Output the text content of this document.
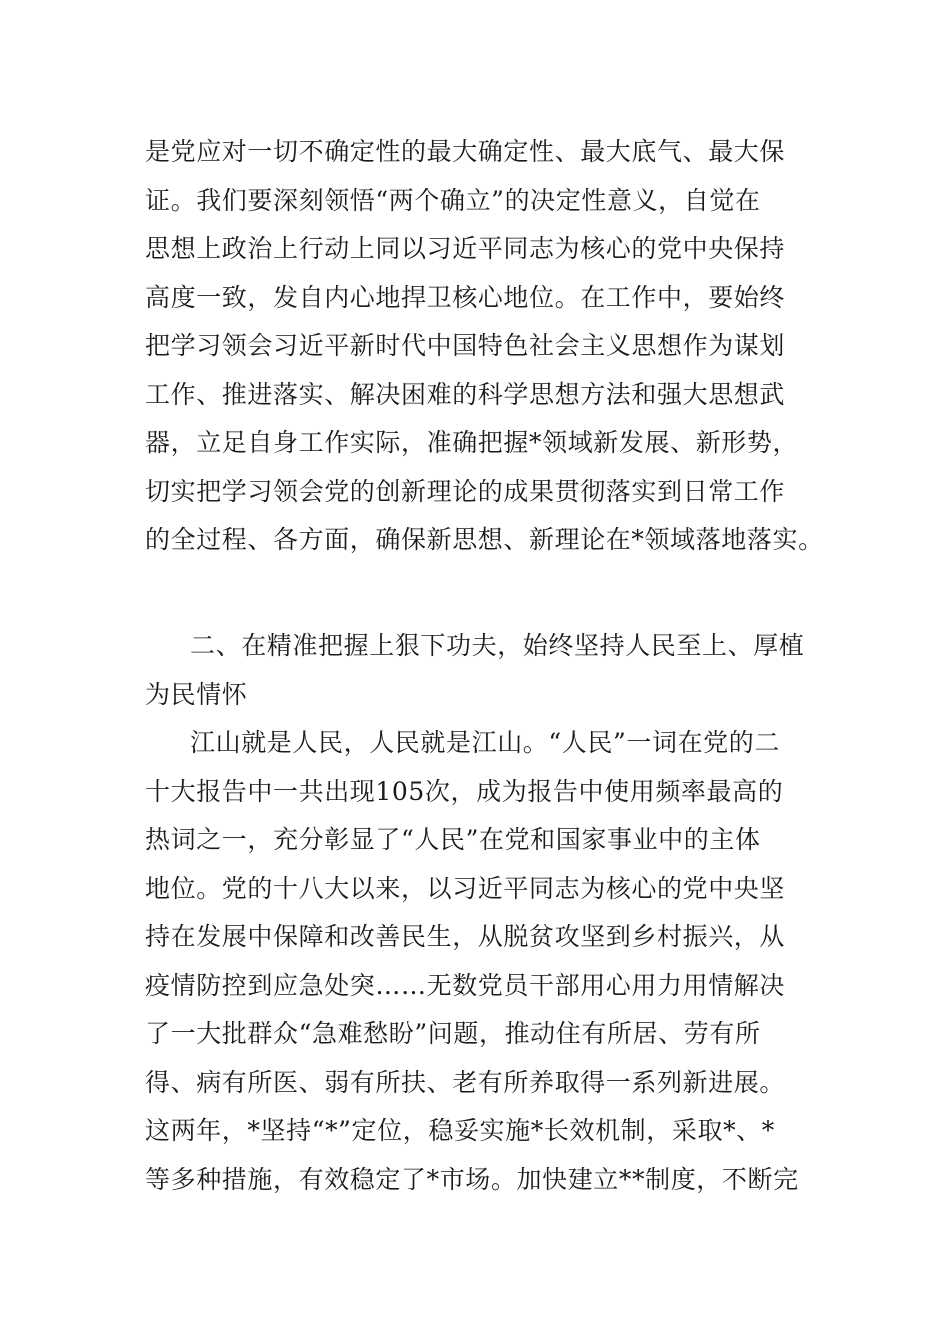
是党应对一切不确定性的最大确定性、最大底气、最大保
证。我们要深刻领悟“两个确立”的决定性意义，自觉在
思想上政治上行动上同以习近平同志为核心的党中央保持
高度一致，发自内心地捍卫核心地位。在工作中，要始终
把学习领会习近平新时代中国特色社会主义思想作为谋划
工作、推进落实、解决困难的科学思想方法和强大思想武
器，立足自身工作实际，准确把握*领域新发展、新形势，
切实把学习领会党的创新理论的成果贯彻落实到日常工作
的全过程、各方面，确保新思想、新理论在*领域落地落实。
二、在精准把握上狠下功夫，始终坚持人民至上、厚植
为民情怀
江山就是人民，人民就是江山。“人民”一词在党的二
十大报告中一共出现105次，成为报告中使用频率最高的
热词之一，充分彰显了“人民”在党和国家事业中的主体
地位。党的十八大以来，以习近平同志为核心的党中央坚
持在发展中保障和改善民生，从脱贫攻坚到乡村振兴，从
疫情防控到应急处突……无数党员干部用心用力用情解决
了一大批群众“急难愁盼”问题，推动住有所居、劳有所
得、病有所医、弱有所扶、老有所养取得一系列新进展。
这两年，*坚持“*”定位，稳妥实施*长效机制，采取*、*
等多种措施，有效稳定了*市场。加快建立**制度，不断完
